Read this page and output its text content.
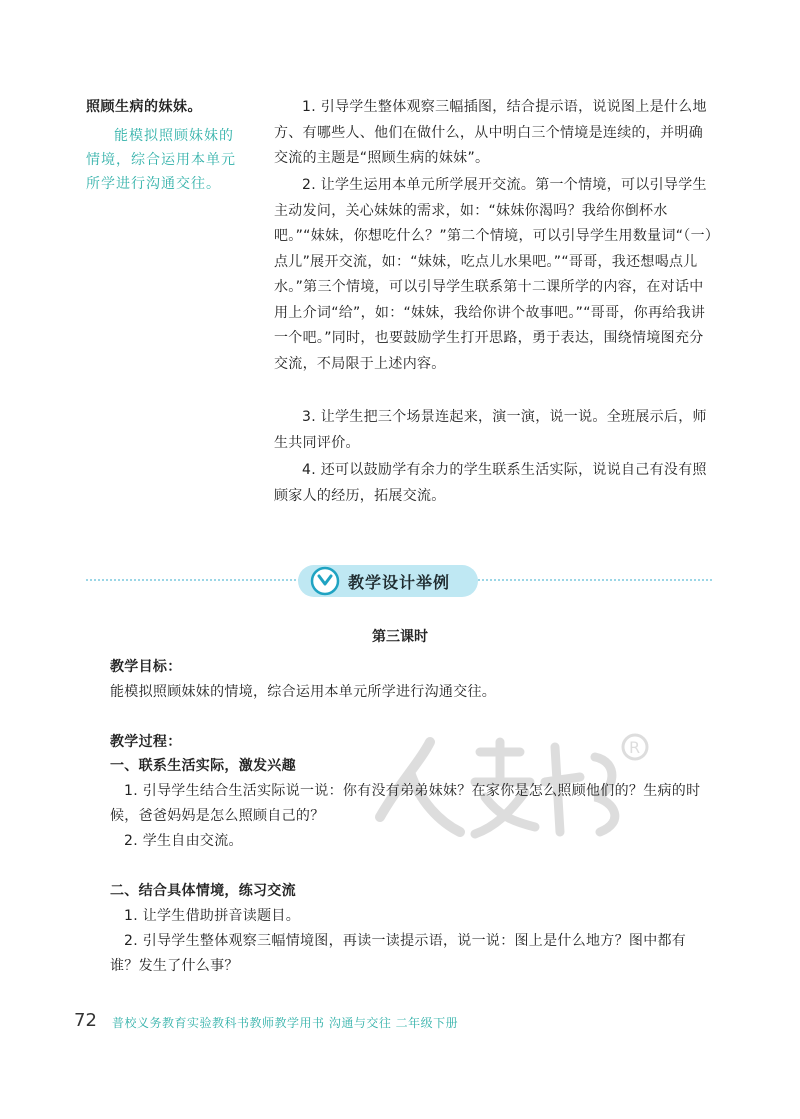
照顾生病的妹妹。
能模拟照顾妹妹的情境，综合运用本单元所学进行沟通交往。
1. 引导学生整体观察三幅插图，结合提示语，说说图上是什么地方、有哪些人、他们在做什么，从中明白三个情境是连续的，并明确交流的主题是“照顾生病的妹妹”。
2. 让学生运用本单元所学展开交流。第一个情境，可以引导学生主动发问，关心妹妹的需求，如：“妹妹你渴吗？我给你倒杯水吧。”“妹妹，你想吃什么？”第二个情境，可以引导学生用数量词“（一）点儿”展开交流，如：“妹妹，吃点儿水果吧。”“哥哥，我还想喝点儿水。”第三个情境，可以引导学生联系第十二课所学的内容，在对话中用上介词“给”，如：“妹妹，我给你讲个故事吧。”“哥哥，你再给我讲一个吧。”同时，也要鼓励学生打开思路，勇于表达，围绕情境图充分交流，不局限于上述内容。
3. 让学生把三个场景连起来，演一演，说一说。全班展示后，师生共同评价。
4. 还可以鼓励学有余力的学生联系生活实际，说说自己有没有照顾家人的经历，拓展交流。
教学设计举例
R
第三课时
教学目标：
能模拟照顾妹妹的情境，综合运用本单元所学进行沟通交往。
教学过程：
一、联系生活实际，激发兴趣
1. 引导学生结合生活实际说一说：你有没有弟弟妹妹？在家你是怎么照顾他们的？生病的时候，爸爸妈妈是怎么照顾自己的？
2. 学生自由交流。
二、结合具体情境，练习交流
1. 让学生借助拼音读题目。
2. 引导学生整体观察三幅情境图，再读一读提示语，说一说：图上是什么地方？图中都有谁？发生了什么事？
72 普校义务教育实验教科书教师教学用书 沟通与交往 二年级下册
